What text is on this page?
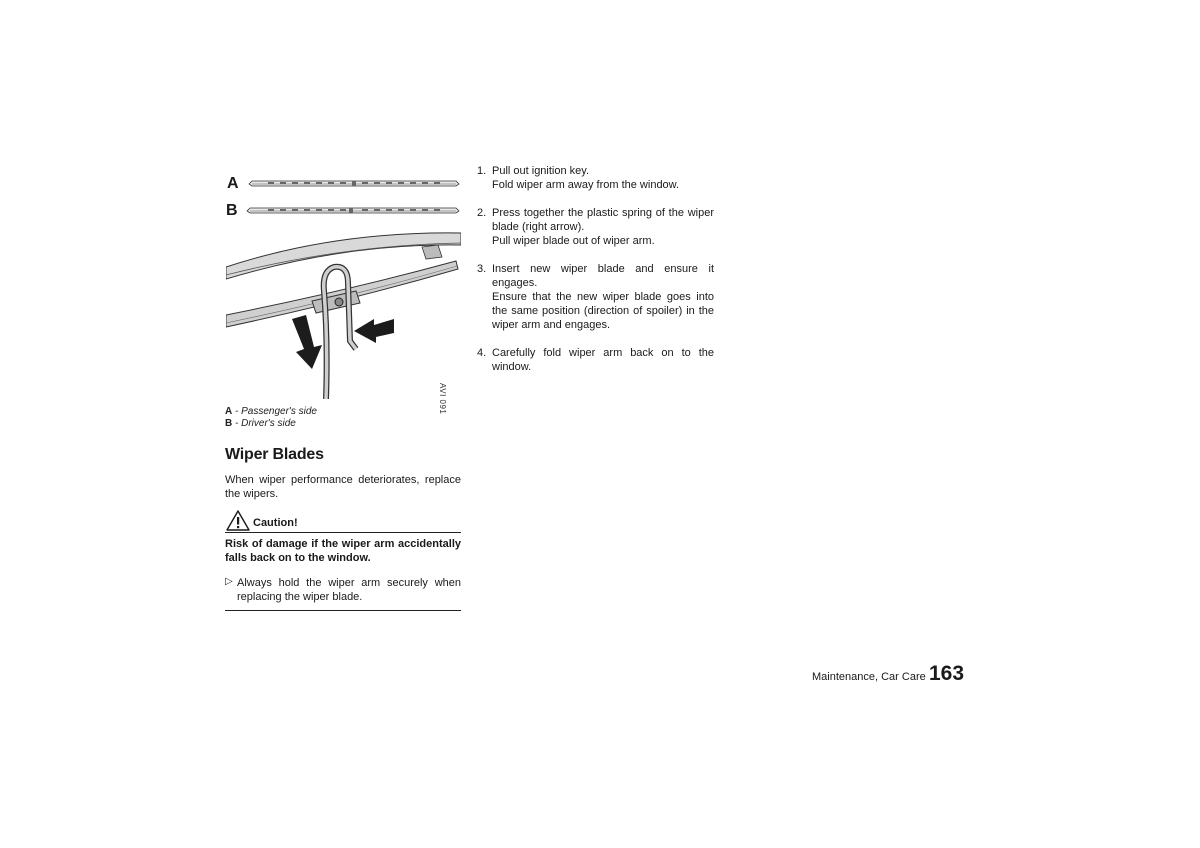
A
B
AVI 091
A - Passenger's side
B - Driver's side
Wiper Blades
When wiper performance deteriorates, replace the wipers.
Caution!
Risk of damage if the wiper arm accidentally falls back on to the window.
▷ Always hold the wiper arm securely when replacing the wiper blade.
1. Pull out ignition key.

Fold wiper arm away from the window.

2. Press together the plastic spring of the wiper blade (right arrow).

Pull wiper blade out of wiper arm.

3. Insert new wiper blade and ensure it engages.

Ensure that the new wiper blade goes into the same position (direction of spoiler) in the wiper arm and engages.

4. Carefully fold wiper arm back on to the window.

Maintenance, Car Care 163
